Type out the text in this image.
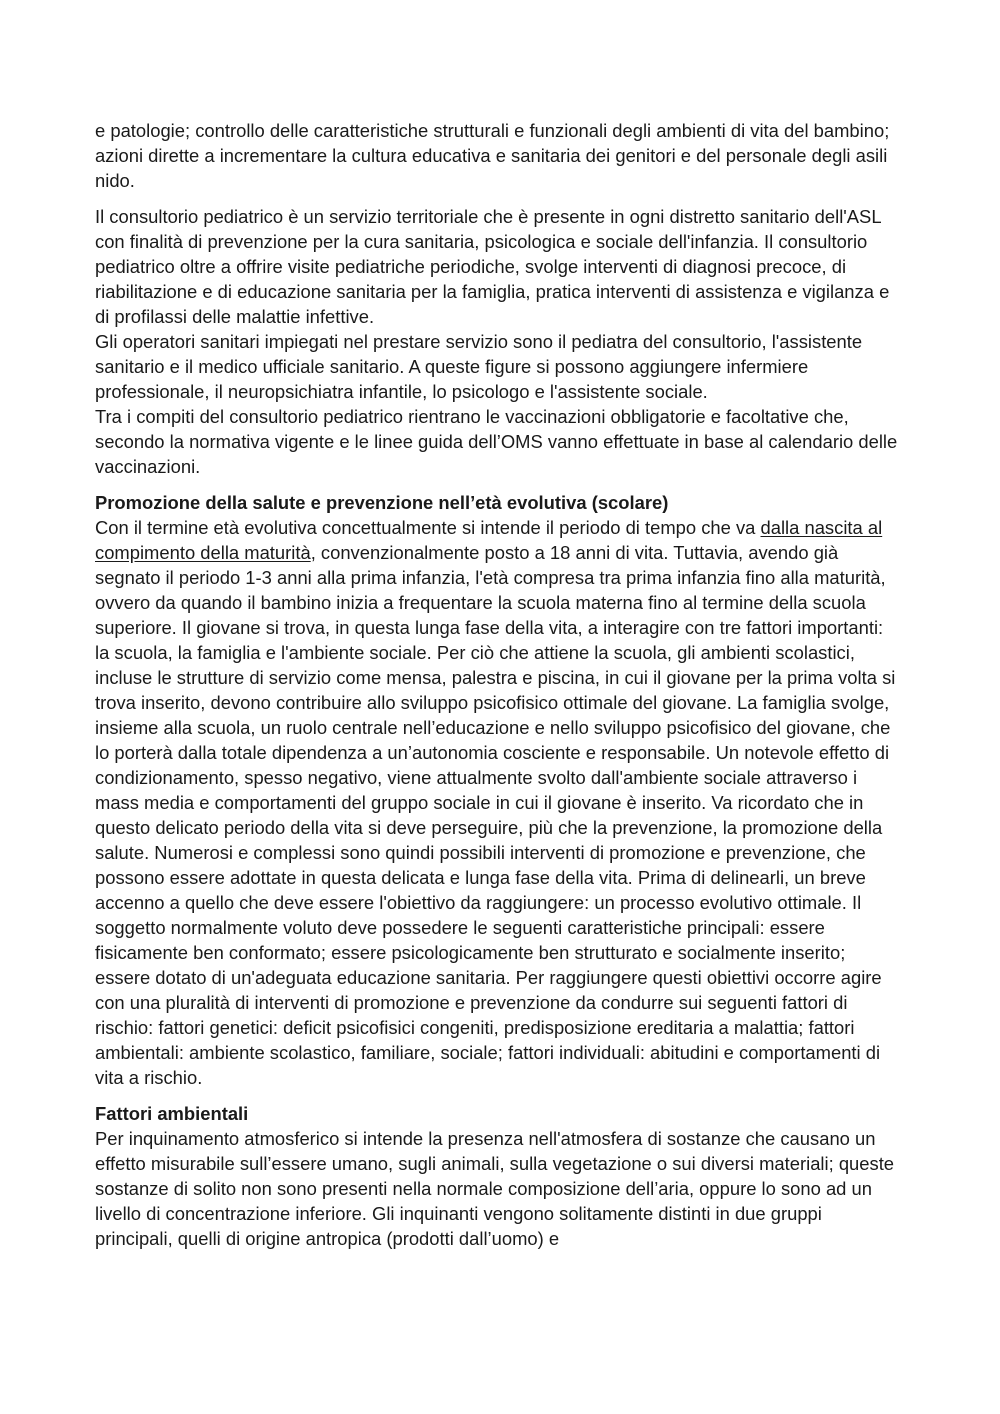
e patologie; controllo delle caratteristiche strutturali e funzionali degli ambienti di vita del bambino; azioni dirette a incrementare la cultura educativa e sanitaria dei genitori e del personale degli asili nido.

Il consultorio pediatrico è un servizio territoriale che è presente in ogni distretto sanitario dell'ASL con finalità di prevenzione per la cura sanitaria, psicologica e sociale dell'infanzia. Il consultorio pediatrico oltre a offrire visite pediatriche periodiche, svolge interventi di diagnosi precoce, di riabilitazione e di educazione sanitaria per la famiglia, pratica interventi di assistenza e vigilanza e di profilassi delle malattie infettive.

Gli operatori sanitari impiegati nel prestare servizio sono il pediatra del consultorio, l'assistente sanitario e il medico ufficiale sanitario. A queste figure si possono aggiungere infermiere professionale, il neuropsichiatra infantile, lo psicologo e l'assistente sociale.

Tra i compiti del consultorio pediatrico rientrano le vaccinazioni obbligatorie e facoltative che, secondo la normativa vigente e le linee guida dell’OMS vanno effettuate in base al calendario delle vaccinazioni.

Promozione della salute e prevenzione nell’età evolutiva (scolare)

Con il termine età evolutiva concettualmente si intende il periodo di tempo che va dalla nascita al compimento della maturità, convenzionalmente posto a 18 anni di vita. Tuttavia, avendo già segnato il periodo 1-3 anni alla prima infanzia, l'età compresa tra prima infanzia fino alla maturità, ovvero da quando il bambino inizia a frequentare la scuola materna fino al termine della scuola superiore. Il giovane si trova, in questa lunga fase della vita, a interagire con tre fattori importanti: la scuola, la famiglia e l'ambiente sociale. Per ciò che attiene la scuola, gli ambienti scolastici, incluse le strutture di servizio come mensa, palestra e piscina, in cui il giovane per la prima volta si trova inserito, devono contribuire allo sviluppo psicofisico ottimale del giovane. La famiglia svolge, insieme alla scuola, un ruolo centrale nell’educazione e nello sviluppo psicofisico del giovane, che lo porterà dalla totale dipendenza a un’autonomia cosciente e responsabile. Un notevole effetto di condizionamento, spesso negativo, viene attualmente svolto dall'ambiente sociale attraverso i mass media e comportamenti del gruppo sociale in cui il giovane è inserito. Va ricordato che in questo delicato periodo della vita si deve perseguire, più che la prevenzione, la promozione della salute. Numerosi e complessi sono quindi possibili interventi di promozione e prevenzione, che possono essere adottate in questa delicata e lunga fase della vita. Prima di delinearli, un breve accenno a quello che deve essere l'obiettivo da raggiungere: un processo evolutivo ottimale. Il soggetto normalmente voluto deve possedere le seguenti caratteristiche principali: essere fisicamente ben conformato; essere psicologicamente ben strutturato e socialmente inserito; essere dotato di un'adeguata educazione sanitaria. Per raggiungere questi obiettivi occorre agire con una pluralità di interventi di promozione e prevenzione da condurre sui seguenti fattori di rischio: fattori genetici: deficit psicofisici congeniti, predisposizione ereditaria a malattia; fattori ambientali: ambiente scolastico, familiare, sociale; fattori individuali: abitudini e comportamenti di vita a rischio.

Fattori ambientali

Per inquinamento atmosferico si intende la presenza nell'atmosfera di sostanze che causano un effetto misurabile sull’essere umano, sugli animali, sulla vegetazione o sui diversi materiali; queste sostanze di solito non sono presenti nella normale composizione dell’aria, oppure lo sono ad un livello di concentrazione inferiore. Gli inquinanti vengono solitamente distinti in due gruppi principali, quelli di origine antropica (prodotti dall’uomo) e
